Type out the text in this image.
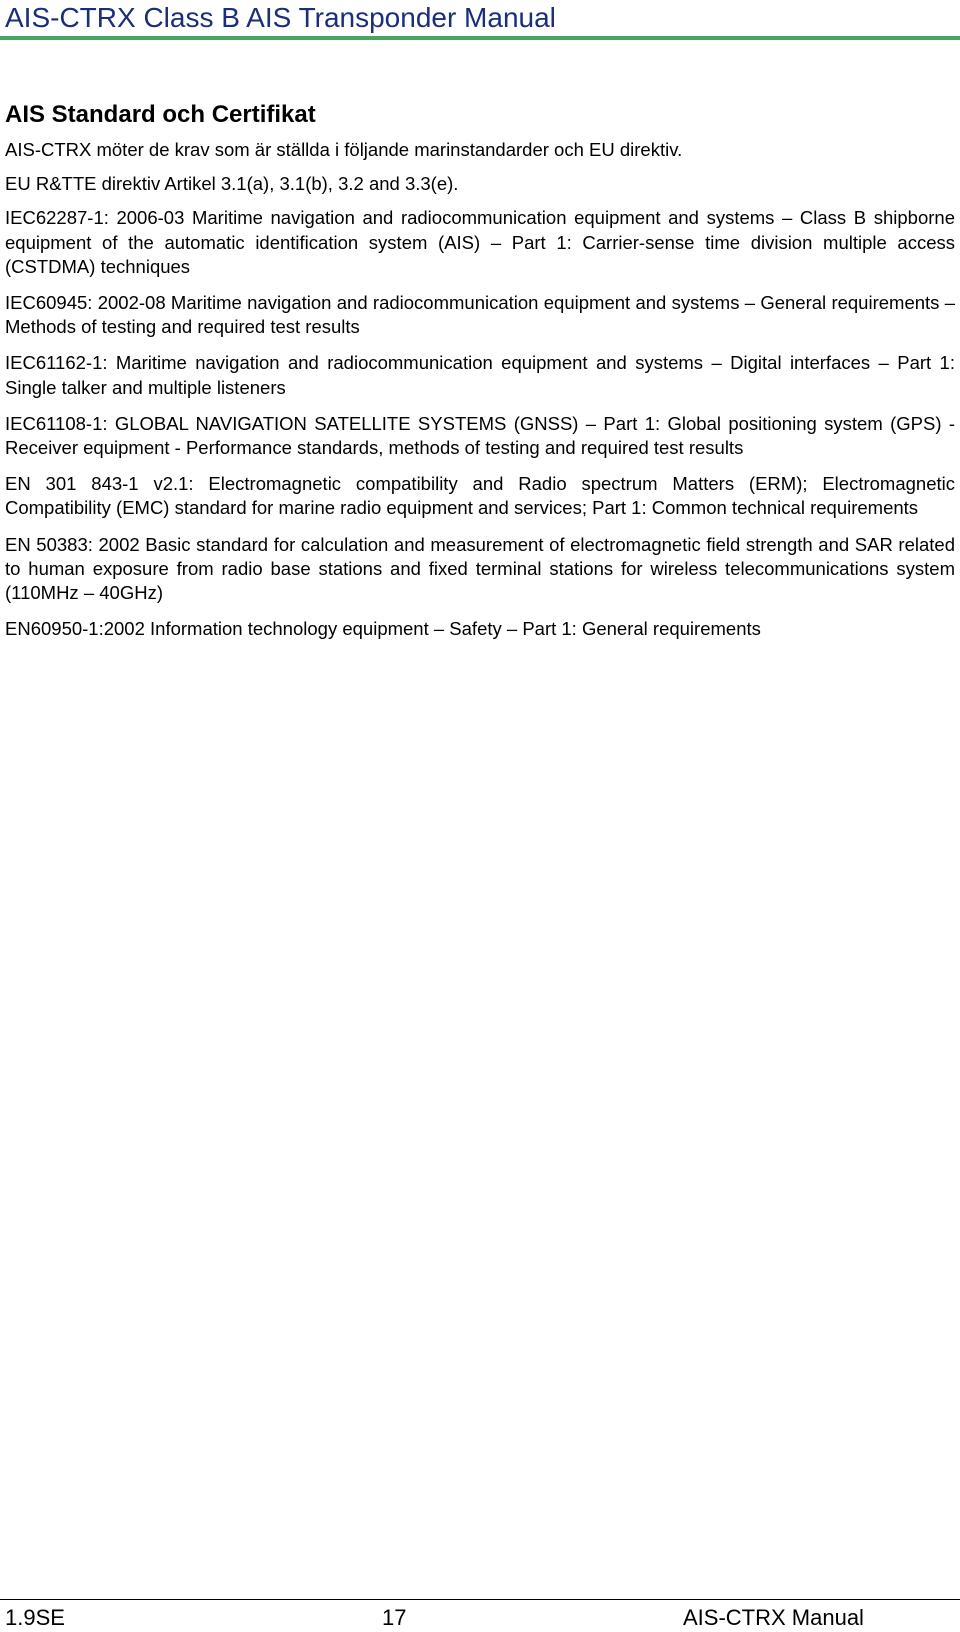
AIS-CTRX Class B AIS Transponder Manual
AIS Standard och Certifikat

AIS-CTRX möter de krav som är ställda i följande marinstandarder och EU direktiv.

EU R&TTE direktiv Artikel 3.1(a), 3.1(b), 3.2 and 3.3(e).

IEC62287-1: 2006-03 Maritime navigation and radiocommunication equipment and systems – Class B shipborne equipment of the automatic identification system (AIS) – Part 1: Carrier-sense time division multiple access (CSTDMA) techniques

IEC60945: 2002-08 Maritime navigation and radiocommunication equipment and systems – General requirements – Methods of testing and required test results

IEC61162-1: Maritime navigation and radiocommunication equipment and systems – Digital interfaces – Part 1: Single talker and multiple listeners

IEC61108-1: GLOBAL NAVIGATION SATELLITE SYSTEMS (GNSS) – Part 1: Global positioning system (GPS) -Receiver equipment - Performance standards, methods of testing and required test results

EN 301 843-1 v2.1: Electromagnetic compatibility and Radio spectrum Matters (ERM); Electromagnetic Compatibility (EMC) standard for marine radio equipment and services; Part 1: Common technical requirements

EN 50383: 2002 Basic standard for calculation and measurement of electromagnetic field strength and SAR related to human exposure from radio base stations and fixed terminal stations for wireless telecommunications system (110MHz – 40GHz)

EN60950-1:2002 Information technology equipment – Safety – Part 1: General requirements

1.9SE	17	AIS-CTRX Manual
